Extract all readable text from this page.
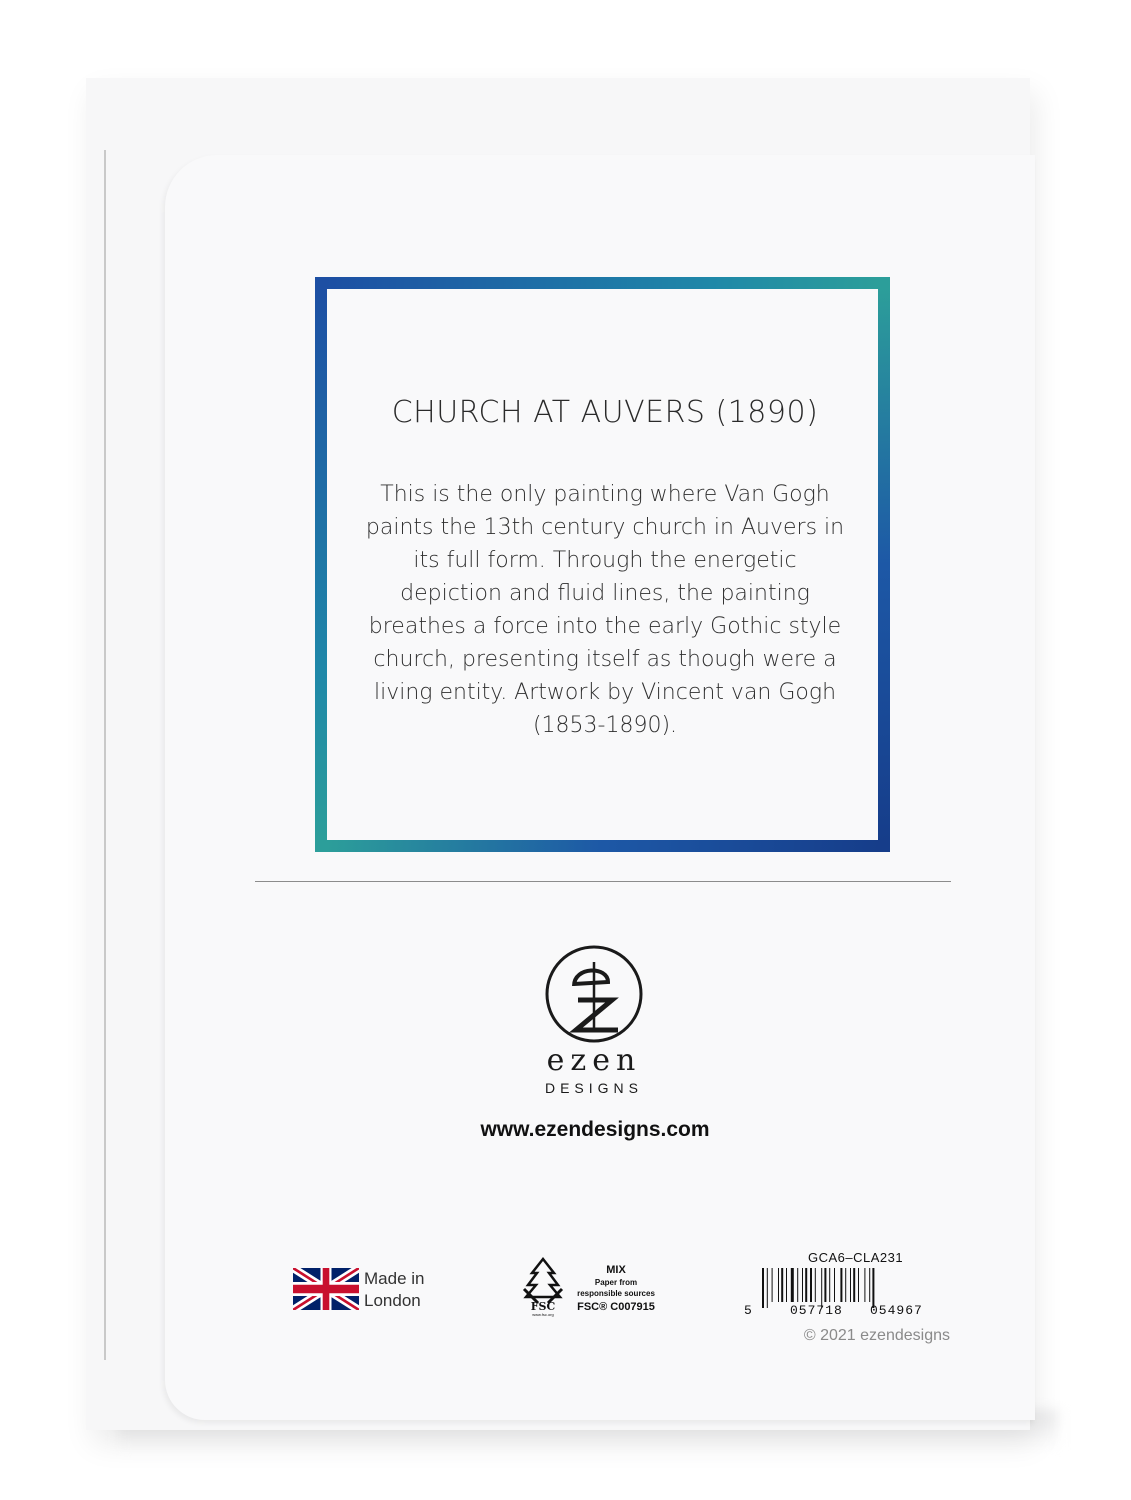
CHURCH AT AUVERS (1890)
This is the only painting where Van Gogh paints the 13th century church in Auvers in its full form. Through the energetic depiction and fluid lines, the painting breathes a force into the early Gothic style church, presenting itself as though were a living entity. Artwork by Vincent van Gogh (1853-1890).
ezen
DESIGNS
www.ezendesigns.com
Made in
London	FSC
www.fsc.org
MIX
Paper from
responsible sources
FSC® C007915
GCA6–CLA231
5	057718 054967
© 2021 ezendesigns
